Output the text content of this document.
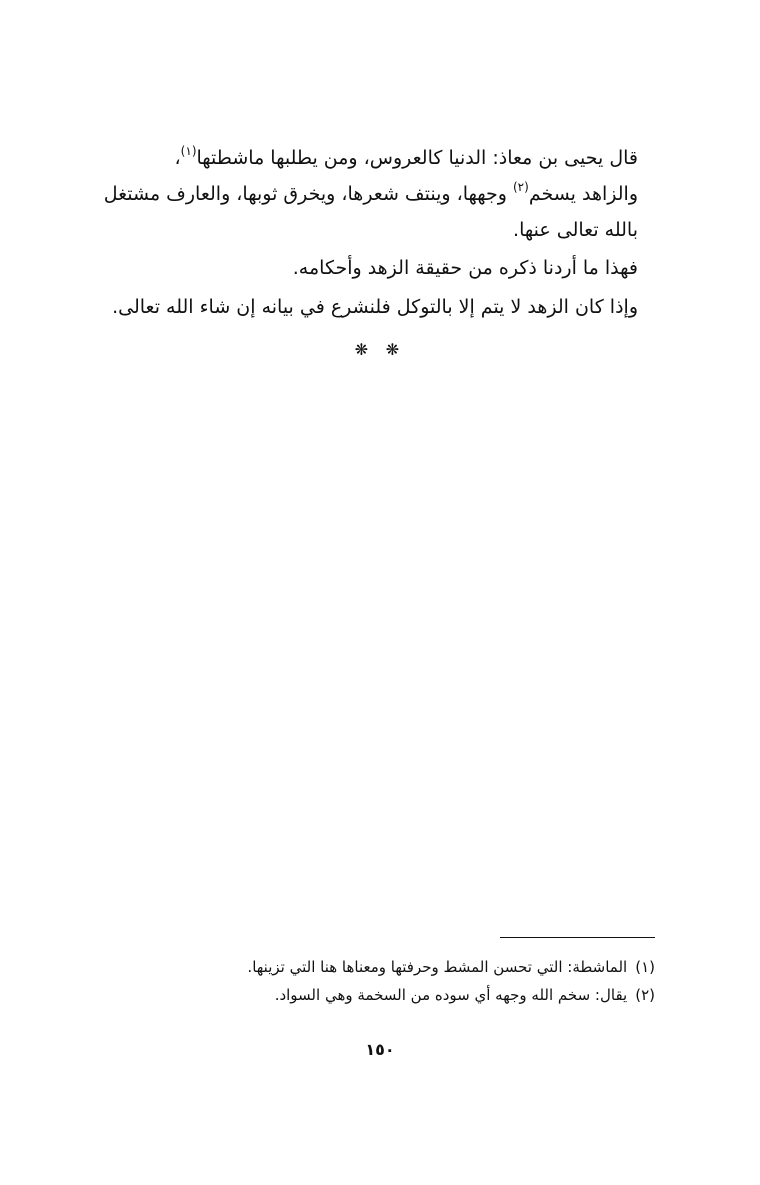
قال يحيى بن معاذ: الدنيا كالعروس، ومن يطلبها ماشطتها$^{(١)}$،
والزاهد يسخم$^{(٢)}$ وجهها، وينتف شعرها، ويخرق ثوبها، والعارف مشتغل
بالله تعالى عنها.
فهذا ما أردنا ذكره من حقيقة الزهد وأحكامه.
وإذا كان الزهد لا يتم إلا بالتوكل فلنشرع في بيانه إن شاء الله تعالى.
❋ ❋
(١)الماشطة: التي تحسن المشط وحرفتها ومعناها هنا التي تزينها.
(٢)يقال: سخم الله وجهه أي سوده من السخمة وهي السواد.
١٥٠
